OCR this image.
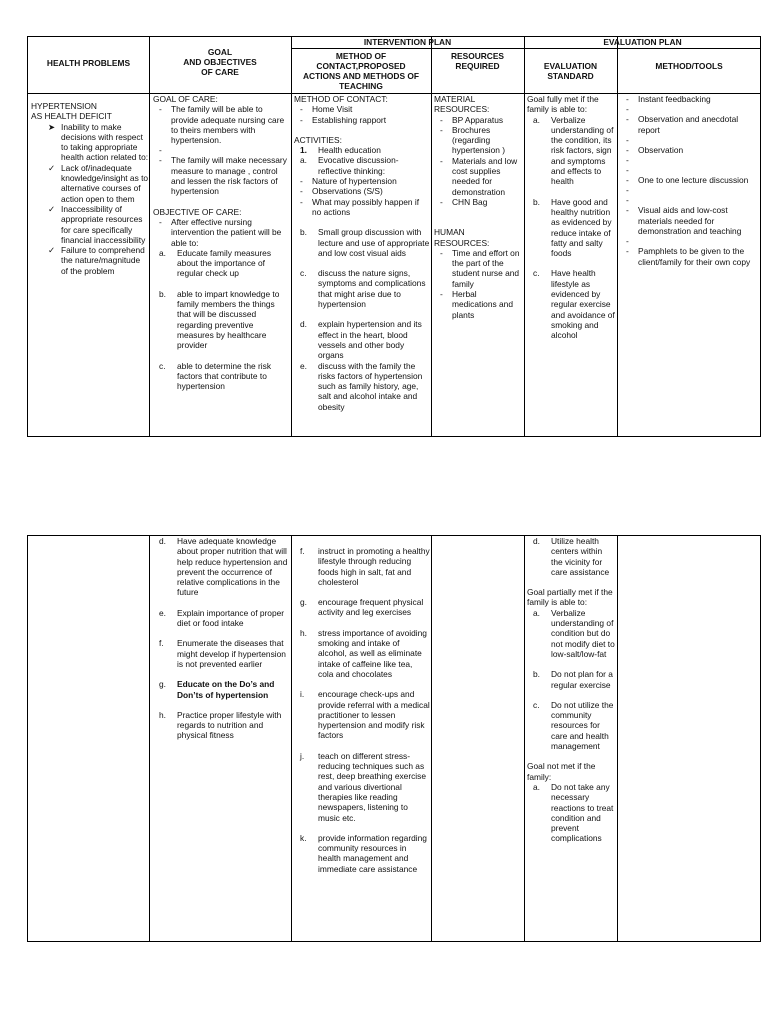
HEALTH PROBLEMS
GOAL
AND OBJECTIVES
OF CARE
INTERVENTION PLAN
METHOD OF
CONTACT,PROPOSED
ACTIONS AND METHODS OF
TEACHING
RESOURCES
REQUIRED
EVALUATION PLAN
EVALUATION
STANDARD
METHOD/TOOLS
HYPERTENSION
AS HEALTH DEFICIT
➤ Inability to make decisions with respect to taking appropriate health action related to:
✓ Lack of/inadequate knowledge/insight as to alternative courses of action open to them
✓ Inaccessibility of appropriate resources for care specifically financial inaccessibility
✓ Failure to comprehend the nature/magnitude of the problem
GOAL OF CARE:
- The family will be able to provide adequate nursing care to theirs members with hypertension.
-
- The family will make necessary measure to manage , control and lessen the risk factors of hypertension
OBJECTIVE OF CARE:
- After effective nursing intervention the patient will be able to:
a. Educate family measures about the importance of regular check up
b. able to impart knowledge to family members the things that will be discussed regarding preventive measures by healthcare provider
c. able to determine the risk factors that contribute to hypertension
METHOD OF CONTACT:
- Home Visit
- Establishing rapport
ACTIVITIES:
1. Health education
a. Evocative discussion- reflective thinking:
- Nature of hypertension
- Observations (S/S)
- What may possibly happen if no actions
b. Small group discussion with lecture and use of appropriate and low cost visual aids
c. discuss the nature signs, symptoms and complications that might arise due to hypertension
d. explain hypertension and its effect in the heart, blood vessels and other body organs
e. discuss with the family the risks factors of hypertension such as family history, age, salt and alcohol intake and obesity
MATERIAL RESOURCES:
- BP Apparatus
- Brochures (regarding hypertension )
- Materials and low cost supplies needed for demonstration
- CHN Bag
HUMAN RESOURCES:
- Time and effort on the part of the student nurse and family
- Herbal medications and plants
Goal fully met if the family is able to:
a. Verbalize understanding of the condition, its risk factors, sign and symptoms and effects to health
b. Have good and healthy nutrition as evidenced by reduce intake of fatty and salty foods
c. Have health lifestyle as evidenced by regular exercise and avoidance of smoking and alcohol
- Instant feedbacking
-
- Observation and anecdotal report
-
- Observation
-
-
- One to one lecture discussion
-
-
- Visual aids and low-cost materials needed for demonstration and teaching
-
- Pamphlets to be given to the client/family for their own copy
d. Have adequate knowledge about proper nutrition that will help reduce hypertension and prevent the occurrence of relative complications in the future
e. Explain importance of proper diet or food intake
f. Enumerate the diseases that might develop if hypertension is not prevented earlier
g. Educate on the Do’s and Don’ts of hypertension
h. Practice proper lifestyle with regards to nutrition and physical fitness
f. instruct in promoting a healthy lifestyle through reducing foods high in salt, fat and cholesterol
g. encourage frequent physical activity and leg exercises
h. stress importance of avoiding smoking and intake of alcohol, as well as eliminate intake of caffeine like tea, cola and chocolates
i. encourage check-ups and provide referral with a medical practitioner to lessen hypertension and modify risk factors
j. teach on different stress-reducing techniques such as rest, deep breathing exercise and various divertional therapies like reading newspapers, listening to music etc.
k. provide information regarding community resources in health management and immediate care assistance
d. Utilize health centers within the vicinity for care assistance
Goal partially met if the family is able to:
a. Verbalize understanding of condition but do not modify diet to low-salt/low-fat
b. Do not plan for a regular exercise
c. Do not utilize the community resources for care and health management
Goal not met if the family:
a. Do not take any necessary reactions to treat condition and prevent complications
